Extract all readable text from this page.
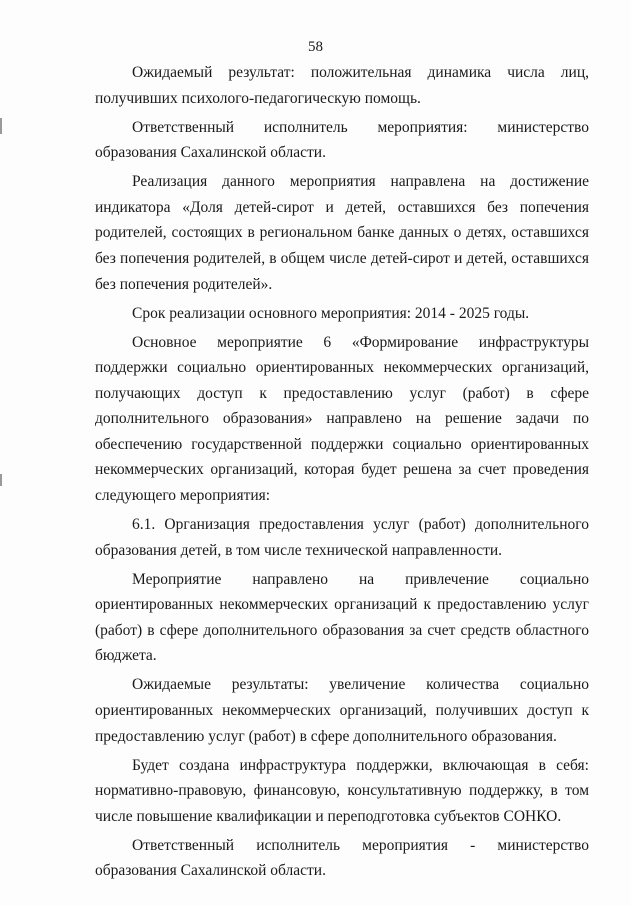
58

Ожидаемый результат: положительная динамика числа лиц, получивших психолого-педагогическую помощь.

Ответственный исполнитель мероприятия: министерство образования Сахалинской области.

Реализация данного мероприятия направлена на достижение индикатора «Доля детей-сирот и детей, оставшихся без попечения родителей, состоящих в региональном банке данных о детях, оставшихся без попечения родителей, в общем числе детей-сирот и детей, оставшихся без попечения родителей».

Срок реализации основного мероприятия: 2014 - 2025 годы.

Основное мероприятие 6 «Формирование инфраструктуры поддержки социально ориентированных некоммерческих организаций, получающих доступ к предоставлению услуг (работ) в сфере дополнительного образования» направлено на решение задачи по обеспечению государственной поддержки социально ориентированных некоммерческих организаций, которая будет решена за счет проведения следующего мероприятия:

6.1. Организация предоставления услуг (работ) дополнительного образования детей, в том числе технической направленности.

Мероприятие направлено на привлечение социально ориентированных некоммерческих организаций к предоставлению услуг (работ) в сфере дополнительного образования за счет средств областного бюджета.

Ожидаемые результаты: увеличение количества социально ориентированных некоммерческих организаций, получивших доступ к предоставлению услуг (работ) в сфере дополнительного образования.

Будет создана инфраструктура поддержки, включающая в себя: нормативно-правовую, финансовую, консультативную поддержку, в том числе повышение квалификации и переподготовка субъектов СОНКО.

Ответственный исполнитель мероприятия - министерство образования Сахалинской области.
